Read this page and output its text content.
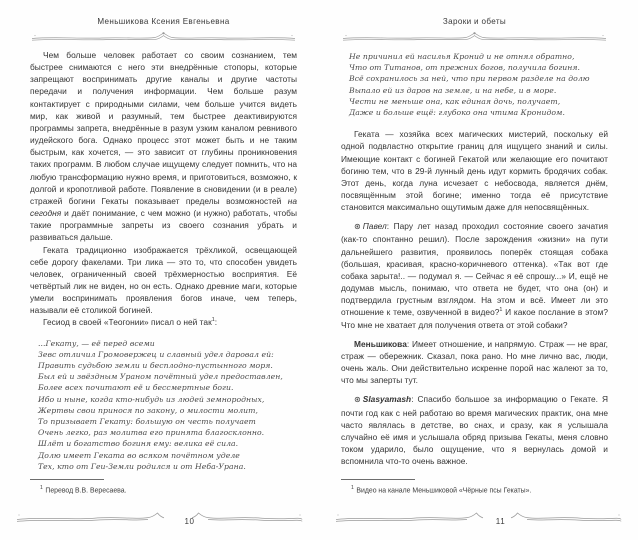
Меньшикова Ксения Евгеньевна

Чем больше человек работает со своим сознанием, тем быстрее снимаются с него эти внедрённые стопоры, которые запрещают воспринимать другие каналы и другие частоты передачи и получения информации. Чем больше разум контактирует с природными силами, чем больше учится видеть мир, как живой и разумный, тем быстрее деактивируются программы запрета, внедрённые в разум узким каналом ревнивого иудейского бога. Однако процесс этот может быть и не таким быстрым, как хочется, — это зависит от глубины проникновения таких программ. В любом случае ищущему следует помнить, что на любую трансформацию нужно время, и приготовиться, возможно, к долгой и кропотливой работе. Появление в сновидении (и в реале) стражей богини Гекаты показывает пределы возможностей на сегодня и даёт понимание, с чем можно (и нужно) работать, чтобы такие программные запреты из своего сознания убрать и развиваться дальше.

Геката традиционно изображается трёхликой, освещающей себе дорогу факелами. Три лика — это то, что способен увидеть человек, ограниченный своей трёхмерностью восприятия. Её четвёртый лик не виден, но он есть. Однако древние маги, которые умели воспринимать проявления богов иначе, чем теперь, называли её столикой богиней.

Гесиод в своей «Теогонии» писал о ней так$^1$:

...Гекату, — её перед всеми
Зевс отличил Громовержец и славный удел даровал ей:
Править судьбою земли и бесплодно-пустынного моря.
Был ей и звёздным Ураном почётный удел предоставлен,
Более всех почитают её и бессмертные боги.
Ибо и ныне, когда кто-нибудь из людей земнородных,
Жертвы свои принося по закону, о милости молит,
То призывает Гекату: большую он честь получает
Очень легко, раз молитва его принята благосклонно.
Шлёт и богатство богиня ему: велика её сила.
Долю имеет Геката во всяком почётном уделе
Тех, кто от Геи-Земли родился и от Неба-Урана.
$^1$ Перевод В.В. Вересаева.
10
Зароки и обеты
Не причинил ей насилья Кронид и не отнял обратно,
Что от Титанов, от прежних богов, получила богиня.
Всё сохранилось за ней, что при первом разделе на долю
Выпало ей из даров на земле, и на небе, и в море.
Чести не меньше она, как единая дочь, получает,
Даже и больше ещё: глубоко она чтима Кронидом.

Геката — хозяйка всех магических мистерий, поскольку ей одной подвластно открытие границ для ищущего знаний и силы. Имеющие контакт с богиней Гекатой или желающие его почитают богиню тем, что в 29-й лунный день идут кормить бродячих собак. Этот день, когда луна исчезает с небосвода, является днём, посвящённым этой богине; именно тогда её присутствие становится максимально ощутимым даже для непосвящённых.

⊛ Павел: Пару лет назад проходил состояние своего зачатия (как-то спонтанно решил). После зарождения «жизни» на пути дальнейшего развития, проявилось поперёк стоящая собака (большая, красивая, красно-коричневого оттенка). «Так вот где собака зарыта!.. — подумал я. — Сейчас я её спрошу...» И, ещё не додумав мысль, понимаю, что ответа не будет, что она (он) и подтвердила грустным взглядом. На этом и всё. Имеет ли это отношение к теме, озвученной в видео?$^1$ И какое послание в этом? Что мне не хватает для получения ответа от этой собаки?

Меньшикова: Имеет отношение, и напрямую. Страж — не враг, страж — обережник. Сказал, пока рано. Но мне лично вас, люди, очень жаль. Они действительно искренне порой нас жалеют за то, что мы заперты тут.

⊛ Slasyamash: Спасибо большое за информацию о Гекате. Я почти год как с ней работаю во время магических практик, она мне часто являлась в детстве, во снах, и сразу, как я услышала случайно её имя и услышала обряд призыва Гекаты, меня словно током ударило, было ощущение, что я вернулась домой и вспомнила что-то очень важное.

$^1$ Видео на канале Меньшиковой «Чёрные псы Гекаты».
11
